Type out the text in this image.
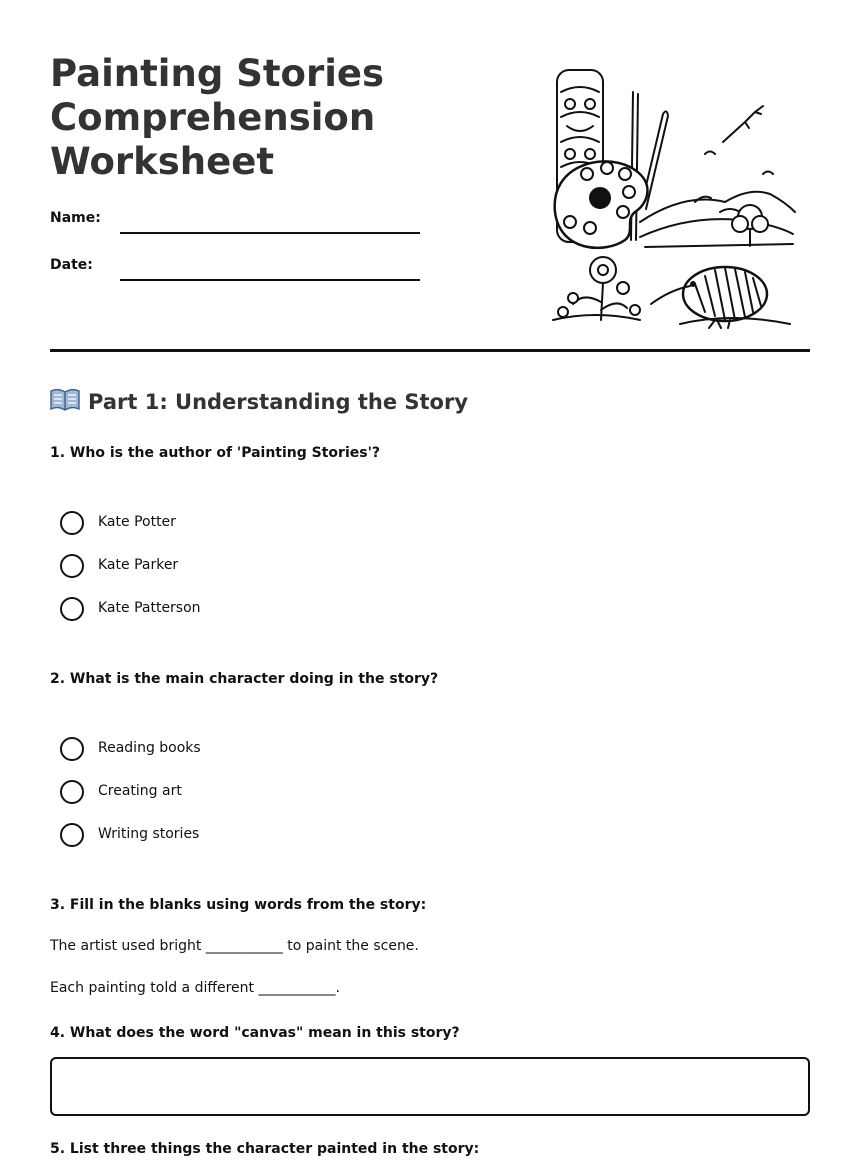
Painting Stories Comprehension Worksheet
Name:
Date:
Part 1: Understanding the Story

1. Who is the author of 'Painting Stories'?

Kate Potter
Kate Parker
Kate Patterson

2. What is the main character doing in the story?

Reading books
Creating art
Writing stories

3. Fill in the blanks using words from the story:

The artist used bright ___________ to paint the scene.
Each painting told a different ___________.

4. What does the word "canvas" mean in this story?

5. List three things the character painted in the story:
